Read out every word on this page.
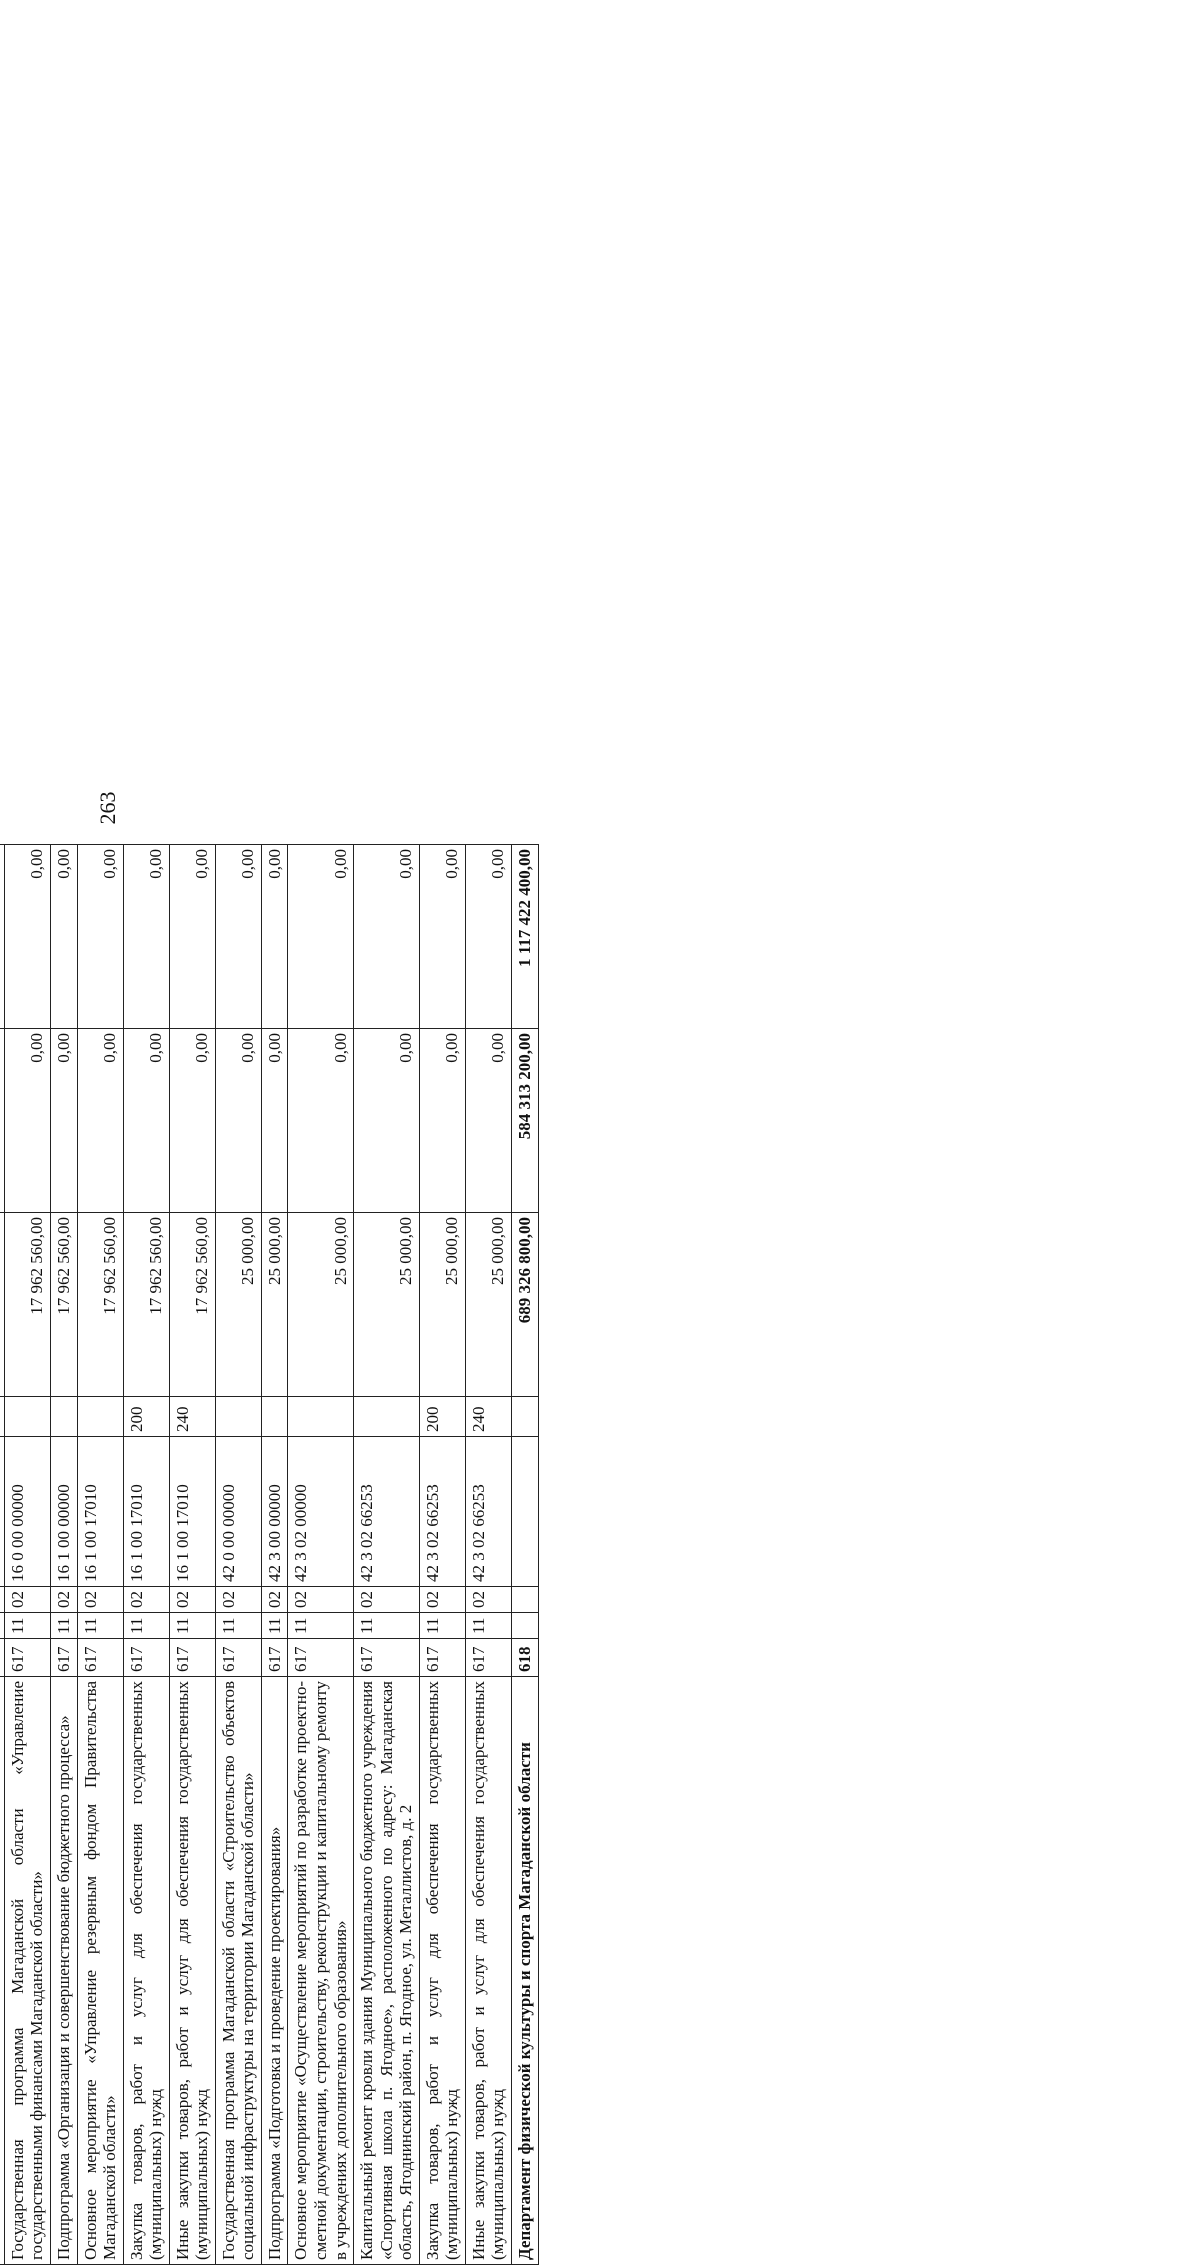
263

Государственная программа Магаданской области «Управление государственными финансами Магаданской области»	617	11	02	16 0 00 00000		17 962 560,00	0,00	0,00
Подпрограмма «Организация и совершенствование бюджетного процесса»	617	11	02	16 1 00 00000		17 962 560,00	0,00	0,00
Основное мероприятие «Управление резервным фондом Правительства Магаданской области»	617	11	02	16 1 00 17010		17 962 560,00	0,00	0,00
Закупка товаров, работ и услуг для обеспечения государственных (муниципальных) нужд	617	11	02	16 1 00 17010	200	17 962 560,00	0,00	0,00
Иные закупки товаров, работ и услуг для обеспечения государственных (муниципальных) нужд	617	11	02	16 1 00 17010	240	17 962 560,00	0,00	0,00
Государственная программа Магаданской области «Строительство объектов социальной инфраструктуры на территории Магаданской области»	617	11	02	42 0 00 00000		25 000,00	0,00	0,00
Подпрограмма «Подготовка и проведение проектирования»	617	11	02	42 3 00 00000		25 000,00	0,00	0,00
Основное мероприятие «Осуществление мероприятий по разработке проектно-сметной документации, строительству, реконструкции и капитальному ремонту в учреждениях дополнительного образования»	617	11	02	42 3 02 00000		25 000,00	0,00	0,00
Капитальный ремонт кровли здания Муниципального бюджетного учреждения «Спортивная школа п. Ягодное», расположенного по адресу: Магаданская область, Ягоднинский район, п. Ягодное, ул. Металлистов, д. 2	617	11	02	42 3 02 66253		25 000,00	0,00	0,00
Закупка товаров, работ и услуг для обеспечения государственных (муниципальных) нужд	617	11	02	42 3 02 66253	200	25 000,00	0,00	0,00
Иные закупки товаров, работ и услуг для обеспечения государственных (муниципальных) нужд	617	11	02	42 3 02 66253	240	25 000,00	0,00	0,00
Департамент физической культуры и спорта Магаданской области	618					689 326 800,00	584 313 200,00	1 117 422 400,00
